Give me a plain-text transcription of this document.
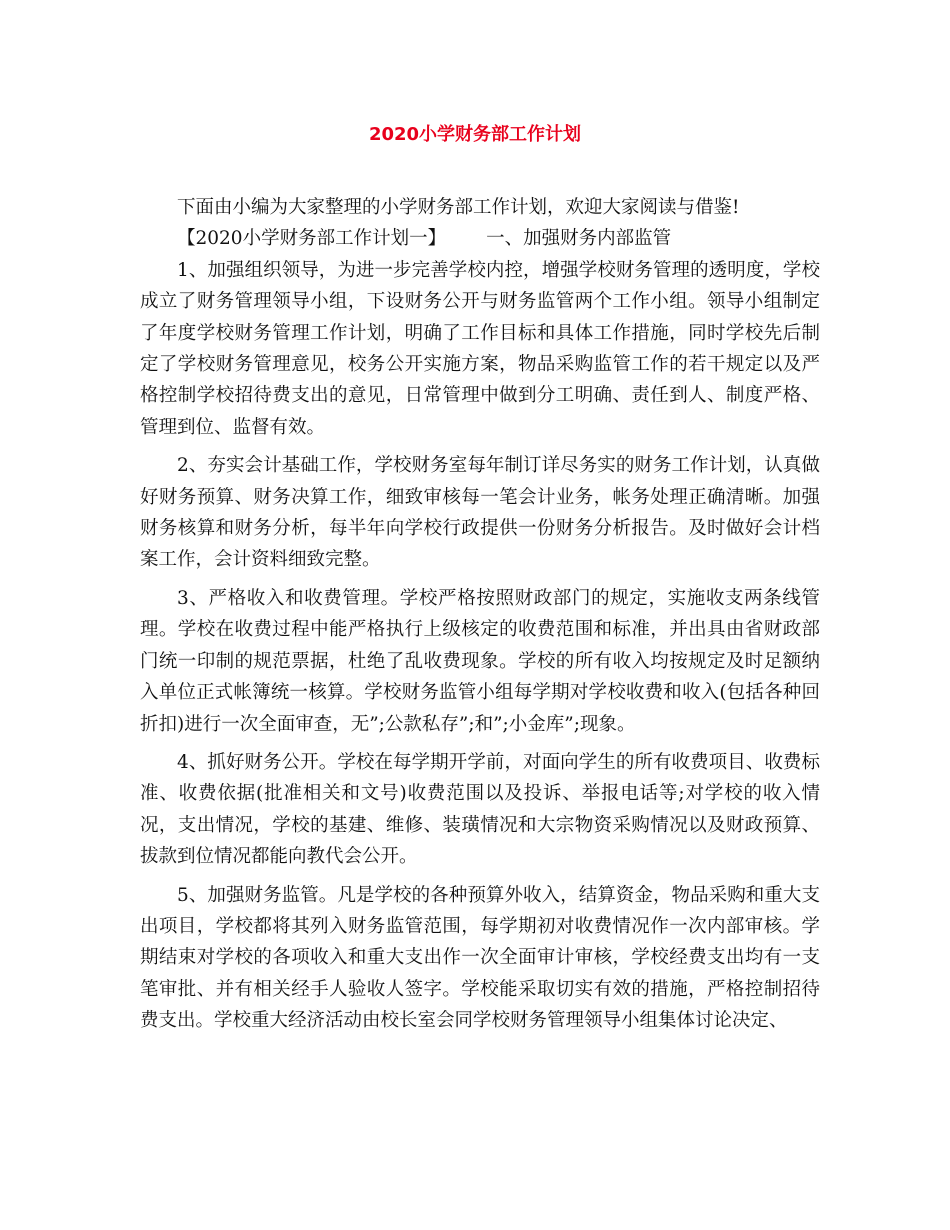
2020小学财务部工作计划

下面由小编为大家整理的小学财务部工作计划，欢迎大家阅读与借鉴!

【2020小学财务部工作计划一】 一、加强财务内部监管

1、加强组织领导，为进一步完善学校内控，增强学校财务管理的透明度，学校成立了财务管理领导小组，下设财务公开与财务监管两个工作小组。领导小组制定了年度学校财务管理工作计划，明确了工作目标和具体工作措施，同时学校先后制定了学校财务管理意见，校务公开实施方案，物品采购监管工作的若干规定以及严格控制学校招待费支出的意见，日常管理中做到分工明确、责任到人、制度严格、管理到位、监督有效。

2、夯实会计基础工作，学校财务室每年制订详尽务实的财务工作计划，认真做好财务预算、财务决算工作，细致审核每一笔会计业务，帐务处理正确清晰。加强财务核算和财务分析，每半年向学校行政提供一份财务分析报告。及时做好会计档案工作，会计资料细致完整。

3、严格收入和收费管理。学校严格按照财政部门的规定，实施收支两条线管理。学校在收费过程中能严格执行上级核定的收费范围和标准，并出具由省财政部门统一印制的规范票据，杜绝了乱收费现象。学校的所有收入均按规定及时足额纳入单位正式帐簿统一核算。学校财务监管小组每学期对学校收费和收入(包括各种回折扣)进行一次全面审查，无”;公款私存”;和”;小金库”;现象。

4、抓好财务公开。学校在每学期开学前，对面向学生的所有收费项目、收费标准、收费依据(批准相关和文号)收费范围以及投诉、举报电话等;对学校的收入情况，支出情况，学校的基建、维修、装璜情况和大宗物资采购情况以及财政预算、拔款到位情况都能向教代会公开。

5、加强财务监管。凡是学校的各种预算外收入，结算资金，物品采购和重大支出项目，学校都将其列入财务监管范围，每学期初对收费情况作一次内部审核。学期结束对学校的各项收入和重大支出作一次全面审计审核，学校经费支出均有一支笔审批、并有相关经手人验收人签字。学校能采取切实有效的措施，严格控制招待费支出。学校重大经济活动由校长室会同学校财务管理领导小组集体讨论决定、
